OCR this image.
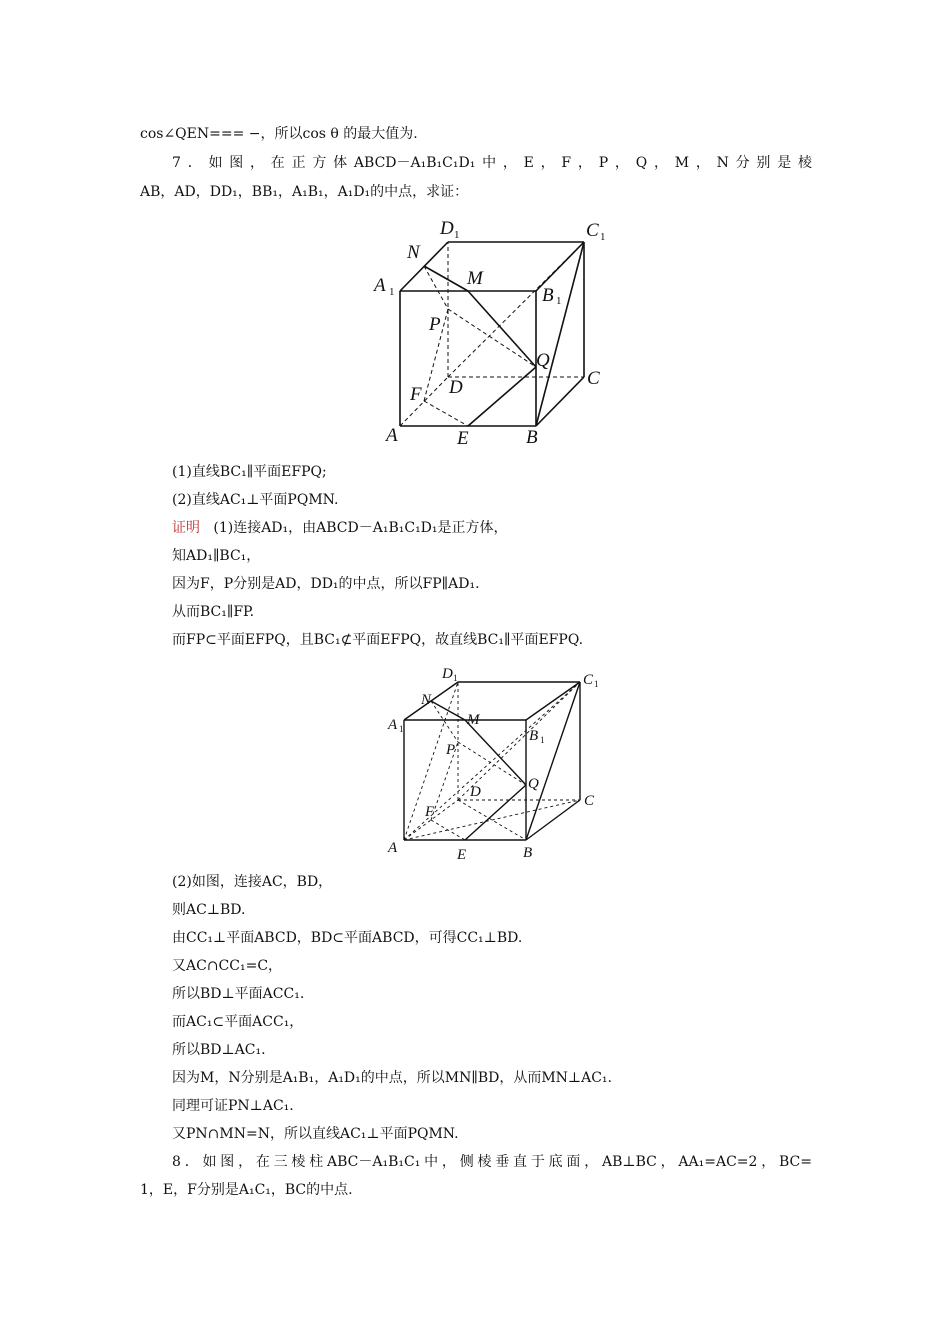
cos∠QEN=== −，所以cos θ 的最大值为.
7．如图，在正方体ABCD－A₁B₁C₁D₁中，E，F，P，Q，M，N分别是棱
AB，AD，DD₁，BB₁，A₁B₁，A₁D₁的中点，求证：
A	B
C
D
E
F
P
Q
M
N
A	B
C
D
1
1
1
1
(1)直线BC₁∥平面EFPQ;
(2)直线AC₁⊥平面PQMN.
证明 (1)连接AD₁，由ABCD－A₁B₁C₁D₁是正方体，
知AD₁∥BC₁，
因为F，P分别是AD，DD₁的中点，所以FP∥AD₁.
从而BC₁∥FP.
而FP⊂平面EFPQ，且BC₁⊄平面EFPQ，故直线BC₁∥平面EFPQ.
A	B
C
D
E
F
P
Q
M
N
A
B
C
D
1
1
1
1
(2)如图，连接AC，BD，
则AC⊥BD.
由CC₁⊥平面ABCD，BD⊂平面ABCD，可得CC₁⊥BD.
又AC∩CC₁=C，
所以BD⊥平面ACC₁.
而AC₁⊂平面ACC₁，
所以BD⊥AC₁.
因为M，N分别是A₁B₁，A₁D₁的中点，所以MN∥BD，从而MN⊥AC₁.
同理可证PN⊥AC₁.
又PN∩MN=N，所以直线AC₁⊥平面PQMN.
8．如图，在三棱柱ABC－A₁B₁C₁中，侧棱垂直于底面，AB⊥BC，AA₁=AC=2，BC=
1，E，F分别是A₁C₁，BC的中点.
